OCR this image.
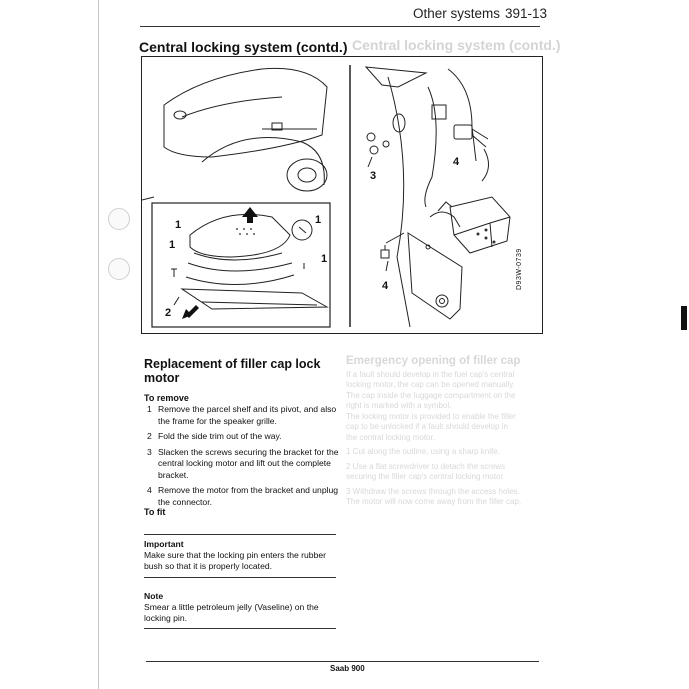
Other systems 391-13
Central locking system (contd.)
Central locking system (contd.)
1
1
1
1
2
3
4
4	D93W-0739
Emergency opening of filler cap
If a fault should develop in the fuel cap's central
locking motor, the cap can be opened manually.
The cap inside the luggage compartment on the
right is marked with a symbol.
The locking motor is provided to enable the filler
cap to be unlocked if a fault should develop in
the central locking motor.
1 Cut along the outline, using a sharp knife.
2 Use a flat screwdriver to detach the screws
securing the filler cap's central locking motor.
3 Withdraw the screws through the access holes.
The motor will now come away from the filler cap.
Replacement of filler cap lock motor
To remove
1 Remove the parcel shelf and its pivot, and also the frame for the speaker grille.
2 Fold the side trim out of the way.
3 Slacken the screws securing the bracket for the central locking motor and lift out the complete bracket.
4 Remove the motor from the bracket and unplug the connector.
To fit
Important
Make sure that the locking pin enters the rubber bush so that it is properly located.
Note
Smear a little petroleum jelly (Vaseline) on the locking pin.
Saab 900
